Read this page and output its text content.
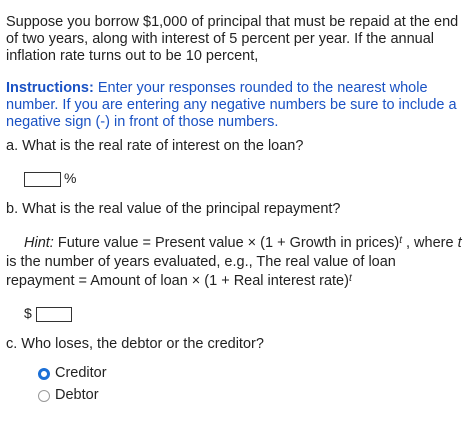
Suppose you borrow $1,000 of principal that must be repaid at the end of two years, along with interest of 5 percent per year. If the annual inflation rate turns out to be 10 percent,
Instructions: Enter your responses rounded to the nearest whole number. If you are entering any negative numbers be sure to include a negative sign (-) in front of those numbers.
a. What is the real rate of interest on the loan?
%
b. What is the real value of the principal repayment?
Hint: Future value = Present value × (1 + Growth in prices)$^t$ , where t is the number of years evaluated, e.g., The real value of loan repayment = Amount of loan × (1 + Real interest rate)$^t$
$
c. Who loses, the debtor or the creditor?
Creditor
Debtor
